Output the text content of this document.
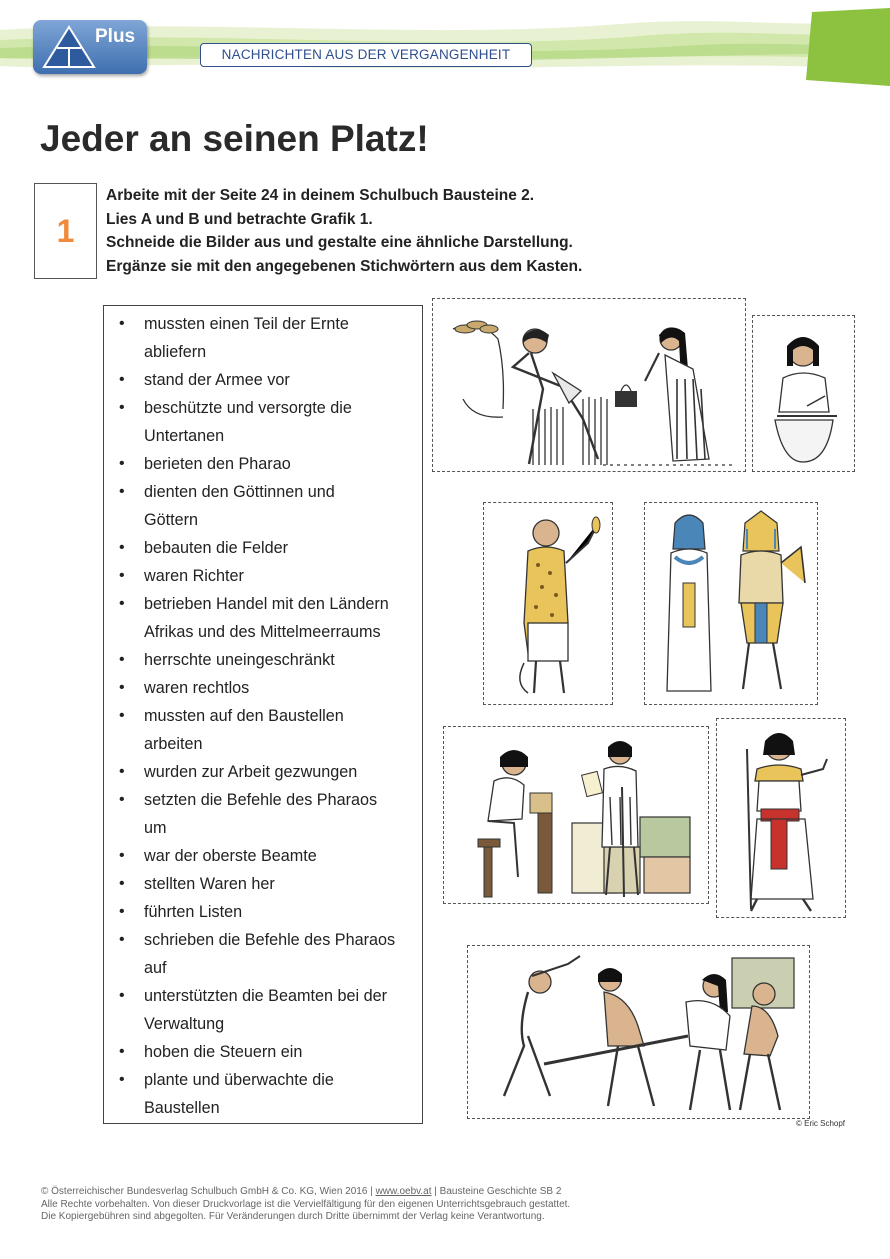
Plus
NACHRICHTEN AUS DER VERGANGENHEIT
Jeder an seinen Platz!
1
Arbeite mit der Seite 24 in deinem Schulbuch Bausteine 2.
Lies A und B und betrachte Grafik 1.
Schneide die Bilder aus und gestalte eine ähnliche Darstellung.
Ergänze sie mit den angegebenen Stichwörtern aus dem Kasten.
• mussten einen Teil der Ernte
abliefern
• stand der Armee vor
• beschützte und versorgte die
Untertanen
• berieten den Pharao
• dienten den Göttinnen und
Göttern
• bebauten die Felder
• waren Richter
• betrieben Handel mit den Ländern
Afrikas und des Mittelmeerraums
• herrschte uneingeschränkt
• waren rechtlos
• mussten auf den Baustellen
arbeiten
• wurden zur Arbeit gezwungen
• setzten die Befehle des Pharaos
um
• war der oberste Beamte
• stellten Waren her
• führten Listen
• schrieben die Befehle des Pharaos
auf
• unterstützten die Beamten bei der
Verwaltung
• hoben die Steuern ein
• plante und überwachte die
Baustellen
© Eric Schopf
© Österreichischer Bundesverlag Schulbuch GmbH & Co. KG, Wien 2016 | www.oebv.at | Bausteine Geschichte SB 2
Alle Rechte vorbehalten. Von dieser Druckvorlage ist die Vervielfältigung für den eigenen Unterrichtsgebrauch gestattet.
Die Kopiergebühren sind abgegolten. Für Veränderungen durch Dritte übernimmt der Verlag keine Verantwortung.
